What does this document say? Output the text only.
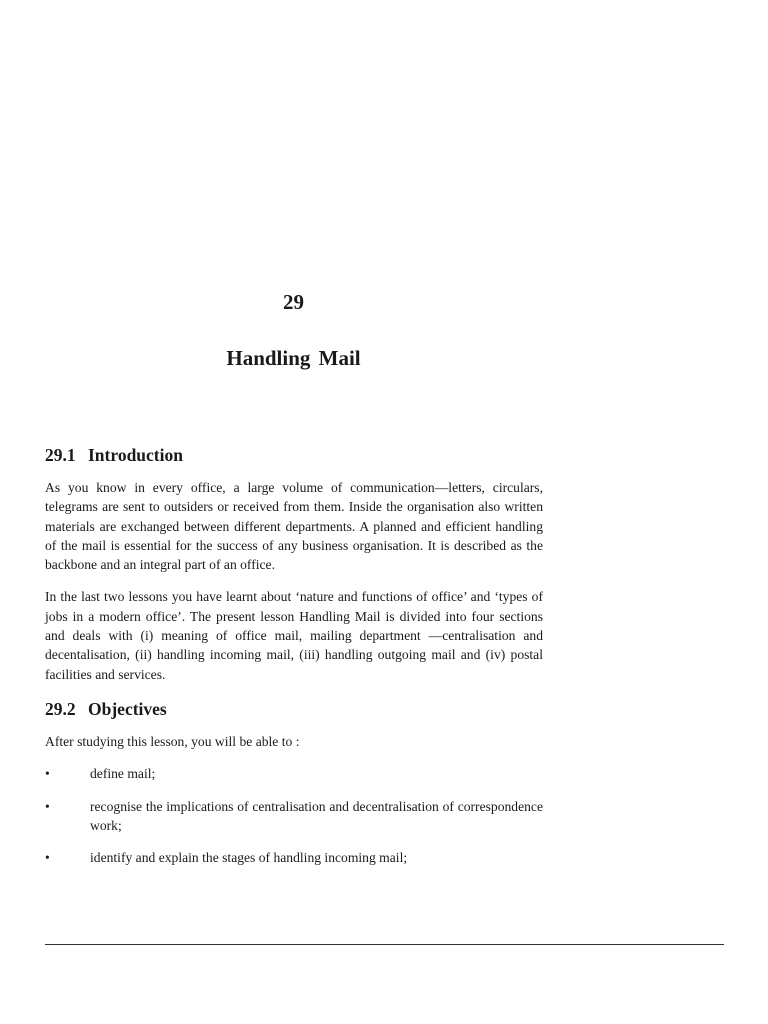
29
Handling Mail
29.1 Introduction

As you know in every office, a large volume of communication—letters, circulars, telegrams are sent to outsiders or received from them. Inside the organisation also written materials are exchanged between different departments. A planned and efficient handling of the mail is essential for the success of any business organisation. It is described as the backbone and an integral part of an office.

In the last two lessons you have learnt about ‘nature and functions of office’ and ‘types of jobs in a modern office’. The present lesson Handling Mail is divided into four sections and deals with (i) meaning of office mail, mailing department —centralisation and decentalisation, (ii) handling incoming mail, (iii) handling outgoing mail and (iv) postal facilities and services.

29.2 Objectives

After studying this lesson, you will be able to :

•	define mail;
•	recognise the implications of centralisation and decentralisation of correspondence work;
•	identify and explain the stages of handling incoming mail;
